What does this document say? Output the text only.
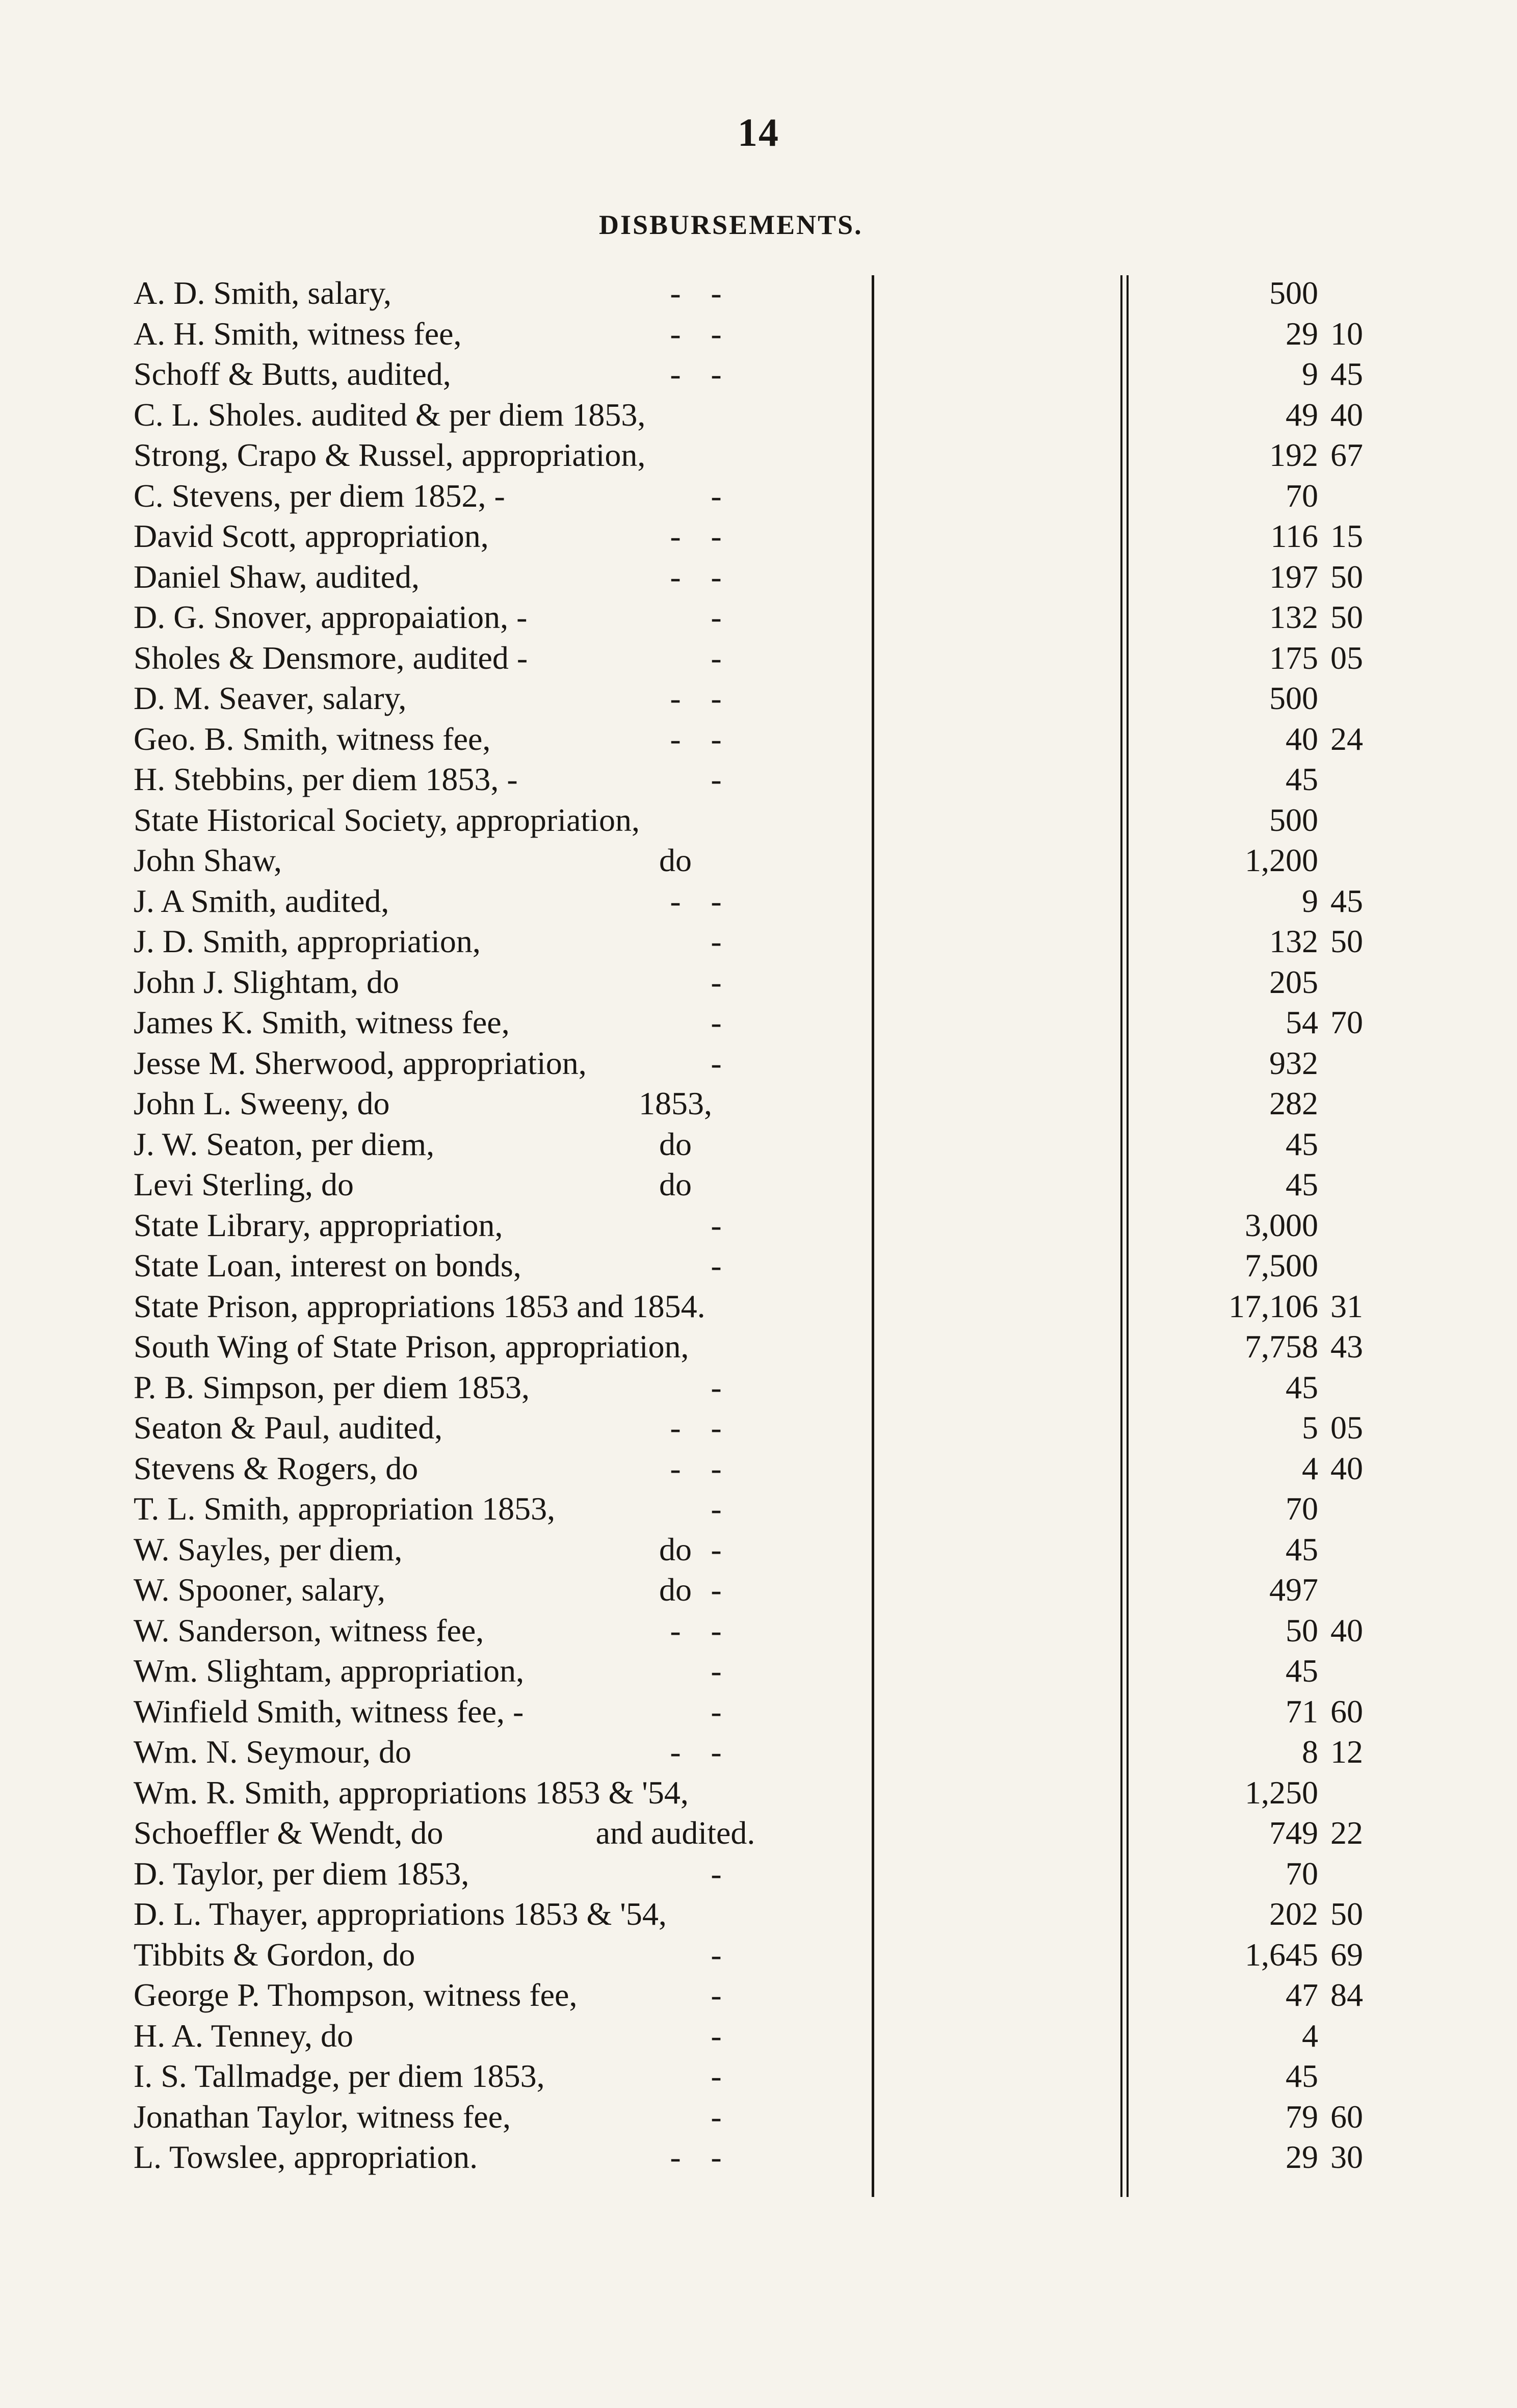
14
DISBURSEMENTS.
A. D. Smith, salary,	- -	500
A. H. Smith, witness fee,	- -	29 10
Schoff & Butts, audited,	- -	9 45
C. L. Sholes. audited & per diem 1853,	49 40
Strong, Crapo & Russel, appropriation,	192 67
C. Stevens, per diem 1852, -	-	70
David Scott, appropriation,	- -	116 15
Daniel Shaw, audited,	- -	197 50
D. G. Snover, appropaiation, -	-	132 50
Sholes & Densmore, audited -	-	175 05
D. M. Seaver, salary,	- -	500
Geo. B. Smith, witness fee,	- -	40 24
H. Stebbins, per diem 1853, -	-	45
State Historical Society, appropriation,	500
John Shaw,	do	1,200
J. A Smith, audited,	- -	9 45
J. D. Smith, appropriation,	-	132 50
John J. Slightam, do	-	205
James K. Smith, witness fee,	-	54 70
Jesse M. Sherwood, appropriation,	-	932
John L. Sweeny, do	1853,	282
J. W. Seaton, per diem,	do	45
Levi Sterling, do	do	45
State Library, appropriation,	-	3,000
State Loan, interest on bonds,	-	7,500
State Prison, appropriations 1853 and 1854.	17,106 31
South Wing of State Prison, appropriation,	7,758 43
P. B. Simpson, per diem 1853,	-	45
Seaton & Paul, audited,	- -	5 05
Stevens & Rogers, do	- -	4 40
T. L. Smith, appropriation 1853,	-	70
W. Sayles, per diem,	do -	45
W. Spooner, salary,	do -	497
W. Sanderson, witness fee,	- -	50 40
Wm. Slightam, appropriation,	-	45
Winfield Smith, witness fee, -	-	71 60
Wm. N. Seymour, do	- -	8 12
Wm. R. Smith, appropriations 1853 & '54,	1,250
Schoeffler & Wendt, do	and audited.	749 22
D. Taylor, per diem 1853,	-	70
D. L. Thayer, appropriations 1853 & '54,	202 50
Tibbits & Gordon, do	-	1,645 69
George P. Thompson, witness fee,	-	47 84
H. A. Tenney, do	-	4
I. S. Tallmadge, per diem 1853,	-	45
Jonathan Taylor, witness fee,	-	79 60
L. Towslee, appropriation.	- -	29 30
